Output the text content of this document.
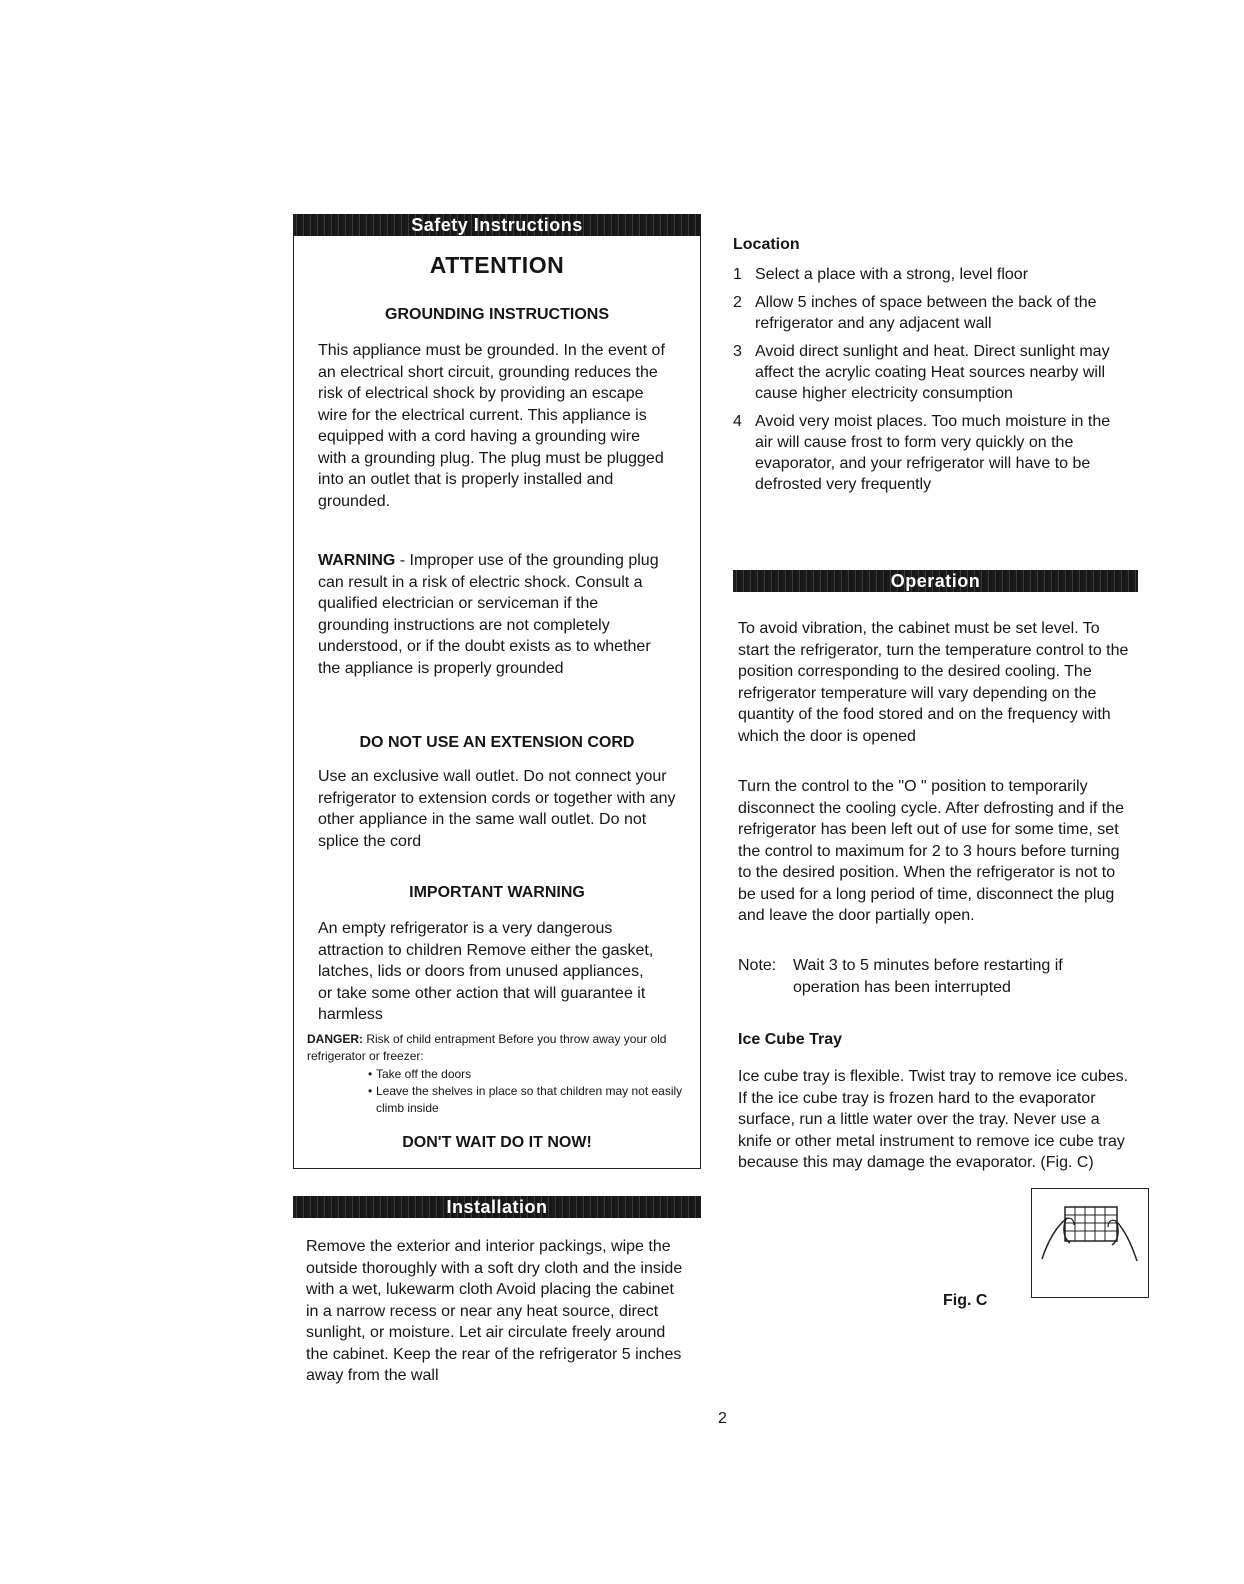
Safety Instructions
ATTENTION
GROUNDING INSTRUCTIONS
This appliance must be grounded. In the event of an electrical short circuit, grounding reduces the risk of electrical shock by providing an escape wire for the electrical current. This appliance is equipped with a cord having a grounding wire with a grounding plug. The plug must be plugged into an outlet that is properly installed and grounded.
WARNING - Improper use of the grounding plug can result in a risk of electric shock. Consult a qualified electrician or serviceman if the grounding instructions are not completely understood, or if the doubt exists as to whether the appliance is properly grounded
DO NOT USE AN EXTENSION CORD
Use an exclusive wall outlet. Do not connect your refrigerator to extension cords or together with any other appliance in the same wall outlet. Do not splice the cord
IMPORTANT WARNING
An empty refrigerator is a very dangerous attraction to children Remove either the gasket, latches, lids or doors from unused appliances, or take some other action that will guarantee it harmless
DANGER: Risk of child entrapment Before you throw away your old refrigerator or freezer:
• Take off the doors
• Leave the shelves in place so that children may not easily climb inside
DON'T WAIT DO IT NOW!
Installation
Remove the exterior and interior packings, wipe the outside thoroughly with a soft dry cloth and the inside with a wet, lukewarm cloth Avoid placing the cabinet in a narrow recess or near any heat source, direct sunlight, or moisture. Let air circulate freely around the cabinet. Keep the rear of the refrigerator 5 inches away from the wall
Location
1 Select a place with a strong, level floor
2 Allow 5 inches of space between the back of the refrigerator and any adjacent wall
3 Avoid direct sunlight and heat. Direct sunlight may affect the acrylic coating Heat sources nearby will cause higher electricity consumption
4 Avoid very moist places. Too much moisture in the air will cause frost to form very quickly on the evaporator, and your refrigerator will have to be defrosted very frequently
Operation
To avoid vibration, the cabinet must be set level. To start the refrigerator, turn the temperature control to the position corresponding to the desired cooling. The refrigerator temperature will vary depending on the quantity of the food stored and on the frequency with which the door is opened
Turn the control to the "O " position to temporarily disconnect the cooling cycle. After defrosting and if the refrigerator has been left out of use for some time, set the control to maximum for 2 to 3 hours before turning to the desired position. When the refrigerator is not to be used for a long period of time, disconnect the plug and leave the door partially open.
Note:	Wait 3 to 5 minutes before restarting if operation has been interrupted
Ice Cube Tray
Ice cube tray is flexible. Twist tray to remove ice cubes. If the ice cube tray is frozen hard to the evaporator surface, run a little water over the tray. Never use a knife or other metal instrument to remove ice cube tray because this may damage the evaporator. (Fig. C)
Fig. C
2
